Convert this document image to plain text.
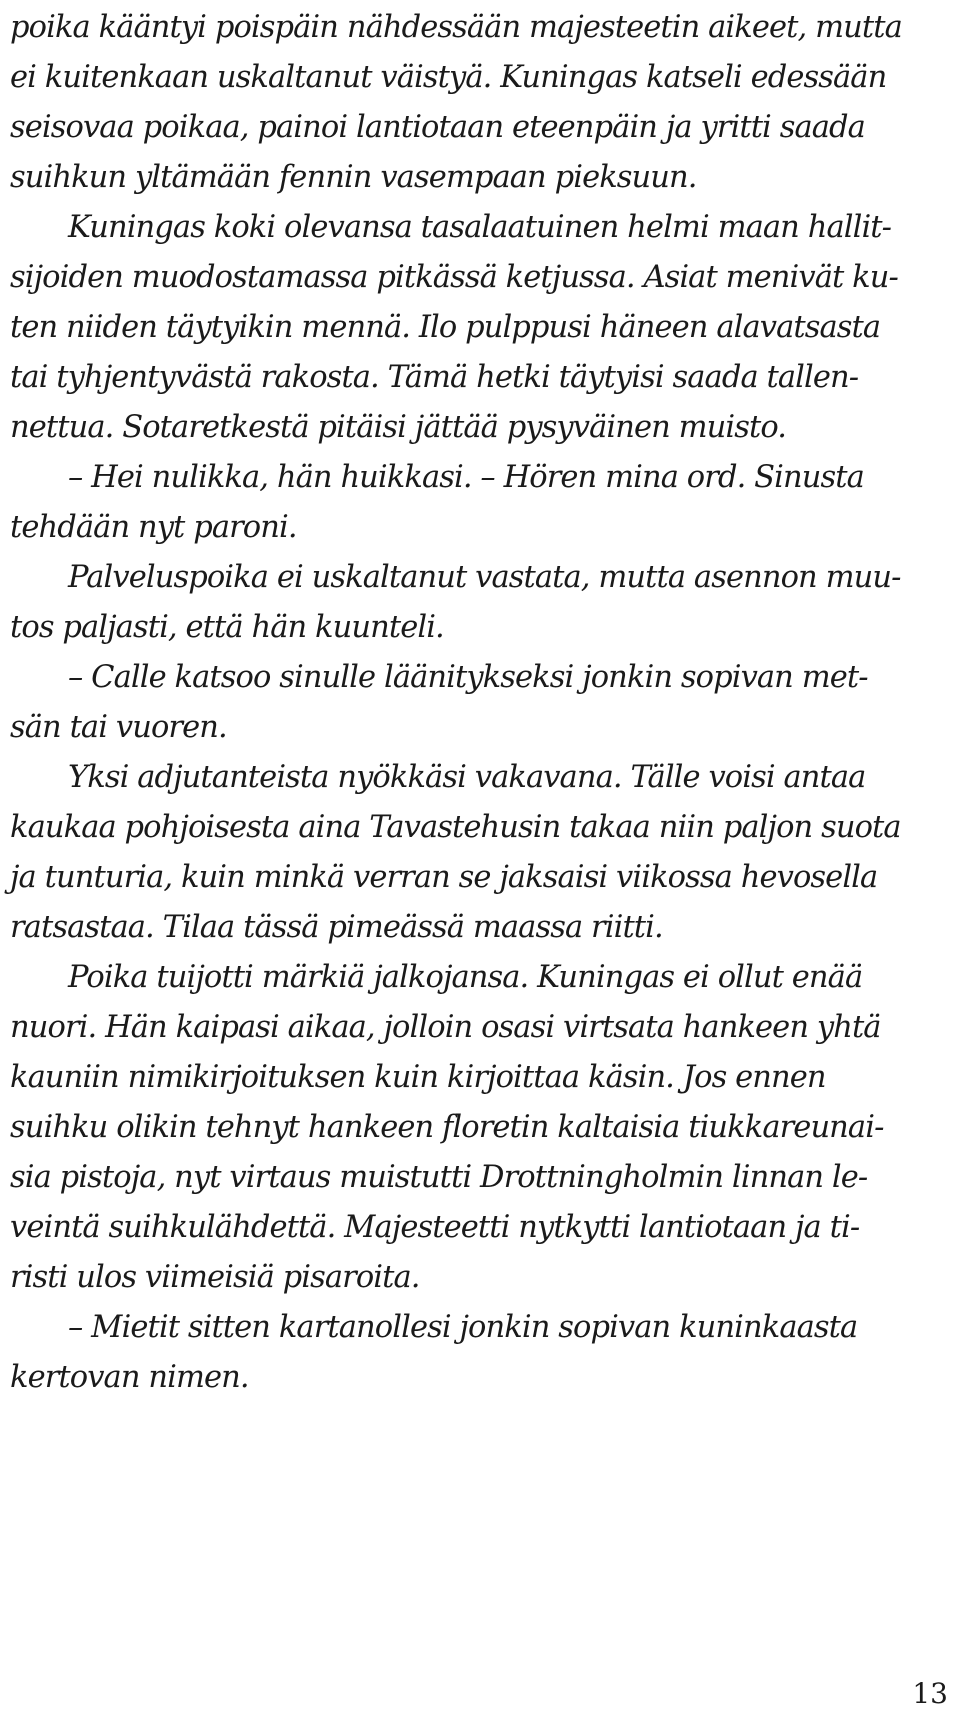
poika kääntyi poispäin nähdessään majesteetin aikeet, mutta
ei kuitenkaan uskaltanut väistyä. Kuningas katseli edessään
seisovaa poikaa, painoi lantiotaan eteenpäin ja yritti saada
suihkun yltämään fennin vasempaan pieksuun.
Kuningas koki olevansa tasalaatuinen helmi maan hallit-
sijoiden muodostamassa pitkässä ketjussa. Asiat menivät ku-
ten niiden täytyikin mennä. Ilo pulppusi häneen alavatsasta
tai tyhjentyvästä rakosta. Tämä hetki täytyisi saada tallen-
nettua. Sotaretkestä pitäisi jättää pysyväinen muisto.
– Hei nulikka, hän huikkasi. – Hören mina ord. Sinusta
tehdään nyt paroni.
Palveluspoika ei uskaltanut vastata, mutta asennon muu-
tos paljasti, että hän kuunteli.
– Calle katsoo sinulle läänitykseksi jonkin sopivan met-
sän tai vuoren.
Yksi adjutanteista nyökkäsi vakavana. Tälle voisi antaa
kaukaa pohjoisesta aina Tavastehusin takaa niin paljon suota
ja tunturia, kuin minkä verran se jaksaisi viikossa hevosella
ratsastaa. Tilaa tässä pimeässä maassa riitti.
Poika tuijotti märkiä jalkojansa. Kuningas ei ollut enää
nuori. Hän kaipasi aikaa, jolloin osasi virtsata hankeen yhtä
kauniin nimikirjoituksen kuin kirjoittaa käsin. Jos ennen
suihku olikin tehnyt hankeen floretin kaltaisia tiukkareunai-
sia pistoja, nyt virtaus muistutti Drottningholmin linnan le-
veintä suihkulähdettä. Majesteetti nytkytti lantiotaan ja ti-
risti ulos viimeisiä pisaroita.
– Mietit sitten kartanollesi jonkin sopivan kuninkaasta
kertovan nimen.
13
